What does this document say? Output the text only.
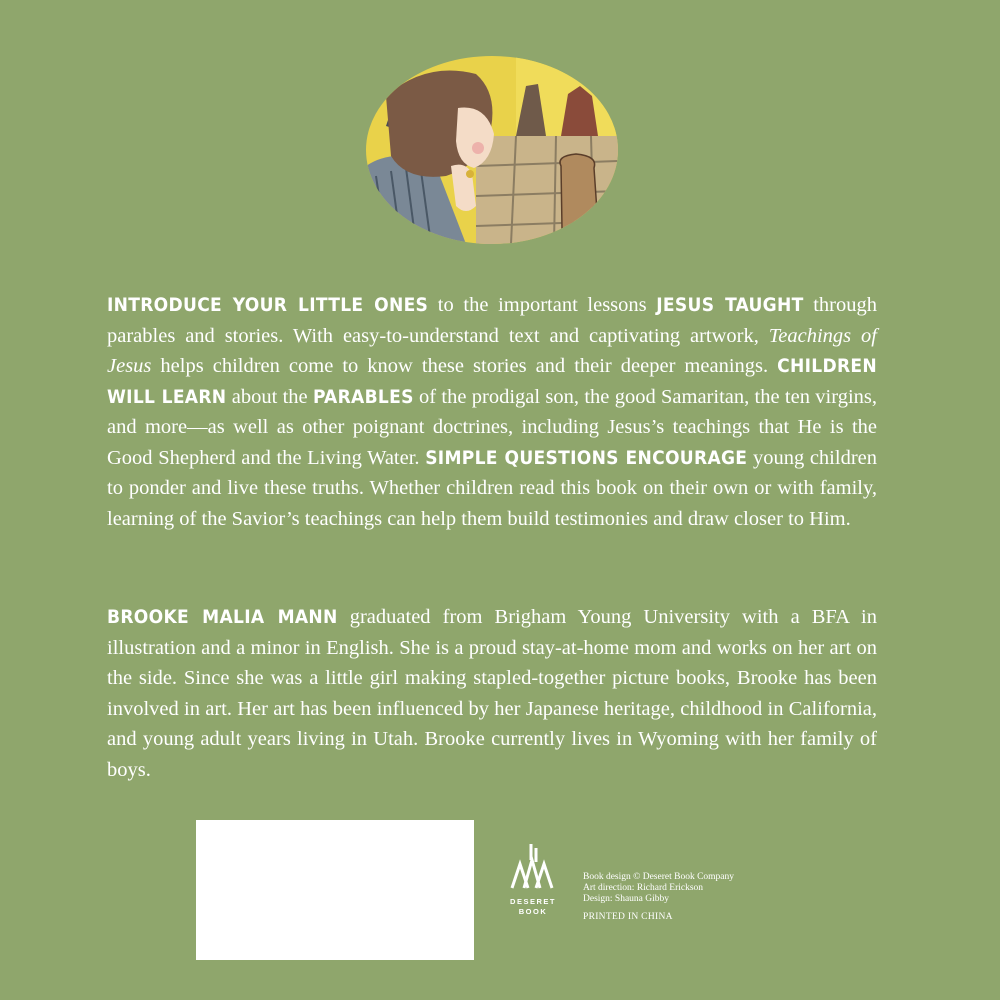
INTRODUCE YOUR LITTLE ONES to the important lessons JESUS TAUGHT through parables and stories. With easy-to-understand text and captivating artwork, Teachings of Jesus helps children come to know these stories and their deeper meanings. CHILDREN WILL LEARN about the PARABLES of the prodigal son, the good Samaritan, the ten virgins, and more—as well as other poignant doctrines, including Jesus’s teachings that He is the Good Shepherd and the Living Water. SIMPLE QUESTIONS ENCOURAGE young children to ponder and live these truths. Whether children read this book on their own or with family, learning of the Savior’s teachings can help them build testimonies and draw closer to Him.
BROOKE MALIA MANN graduated from Brigham Young University with a BFA in illustration and a minor in English. She is a proud stay-at-home mom and works on her art on the side. Since she was a little girl making stapled-together picture books, Brooke has been involved in art. Her art has been influenced by her Japanese heritage, childhood in California, and young adult years living in Utah. Brooke currently lives in Wyoming with her family of boys.
DESERET
BOOK
Book design © Deseret Book Company
Art direction: Richard Erickson
Design: Shauna Gibby
PRINTED IN CHINA
